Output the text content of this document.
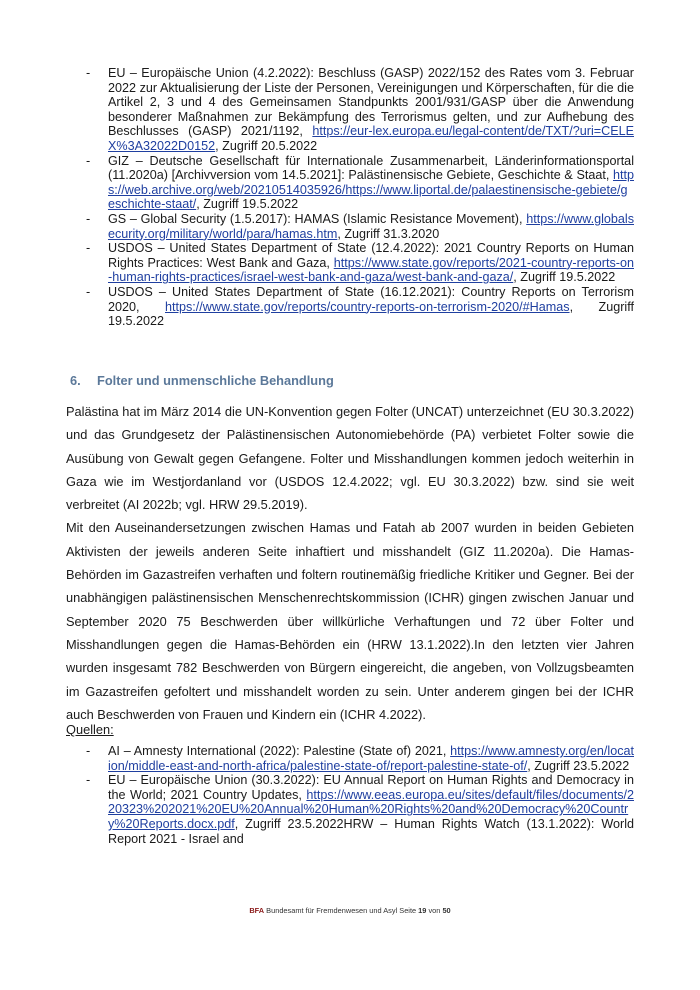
- EU – Europäische Union (4.2.2022): Beschluss (GASP) 2022/152 des Rates vom 3. Februar 2022 zur Aktualisierung der Liste der Personen, Vereinigungen und Körperschaften, für die die Artikel 2, 3 und 4 des Gemeinsamen Standpunkts 2001/931/GASP über die Anwendung besonderer Maßnahmen zur Bekämpfung des Terrorismus gelten, und zur Aufhebung des Beschlusses (GASP) 2021/1192, https://eur-lex.europa.eu/legal-content/de/TXT/?uri=CELEX%3A32022D0152, Zugriff 20.5.2022
- GIZ – Deutsche Gesellschaft für Internationale Zusammenarbeit, Länderinformationsportal (11.2020a) [Archivversion vom 14.5.2021]: Palästinensische Gebiete, Geschichte & Staat, https://web.archive.org/web/20210514035926/https://www.liportal.de/palaestinensische-gebiete/geschichte-staat/, Zugriff 19.5.2022
- GS – Global Security (1.5.2017): HAMAS (Islamic Resistance Movement), https://www.globalsecurity.org/military/world/para/hamas.htm, Zugriff 31.3.2020
- USDOS – United States Department of State (12.4.2022): 2021 Country Reports on Human Rights Practices: West Bank and Gaza, https://www.state.gov/reports/2021-country-reports-on-human-rights-practices/israel-west-bank-and-gaza/west-bank-and-gaza/, Zugriff 19.5.2022
- USDOS – United States Department of State (16.12.2021): Country Reports on Terrorism 2020, https://www.state.gov/reports/country-reports-on-terrorism-2020/#Hamas, Zugriff 19.5.2022
6. Folter und unmenschliche Behandlung

Palästina hat im März 2014 die UN-Konvention gegen Folter (UNCAT) unterzeichnet (EU 30.3.2022) und das Grundgesetz der Palästinensischen Autonomiebehörde (PA) verbietet Folter sowie die Ausübung von Gewalt gegen Gefangene. Folter und Misshandlungen kommen jedoch weiterhin in Gaza wie im Westjordanland vor (USDOS 12.4.2022; vgl. EU 30.3.2022) bzw. sind sie weit verbreitet (AI 2022b; vgl. HRW 29.5.2019).

Mit den Auseinandersetzungen zwischen Hamas und Fatah ab 2007 wurden in beiden Gebieten Aktivisten der jeweils anderen Seite inhaftiert und misshandelt (GIZ 11.2020a). Die Hamas-Behörden im Gazastreifen verhaften und foltern routinemäßig friedliche Kritiker und Gegner. Bei der unabhängigen palästinensischen Menschenrechtskommission (ICHR) gingen zwischen Januar und September 2020 75 Beschwerden über willkürliche Verhaftungen und 72 über Folter und Misshandlungen gegen die Hamas-Behörden ein (HRW 13.1.2022).In den letzten vier Jahren wurden insgesamt 782 Beschwerden von Bürgern eingereicht, die angeben, von Vollzugsbeamten im Gazastreifen gefoltert und misshandelt worden zu sein. Unter anderem gingen bei der ICHR auch Beschwerden von Frauen und Kindern ein (ICHR 4.2022).

Quellen:
- AI – Amnesty International (2022): Palestine (State of) 2021, https://www.amnesty.org/en/location/middle-east-and-north-africa/palestine-state-of/report-palestine-state-of/, Zugriff 23.5.2022
- EU – Europäische Union (30.3.2022): EU Annual Report on Human Rights and Democracy in the World; 2021 Country Updates, https://www.eeas.europa.eu/sites/default/files/documents/220323%202021%20EU%20Annual%20Human%20Rights%20and%20Democracy%20Country%20Reports.docx.pdf, Zugriff 23.5.2022HRW – Human Rights Watch (13.1.2022): World Report 2021 - Israel and
BFA Bundesamt für Fremdenwesen und Asyl Seite 19 von 50
